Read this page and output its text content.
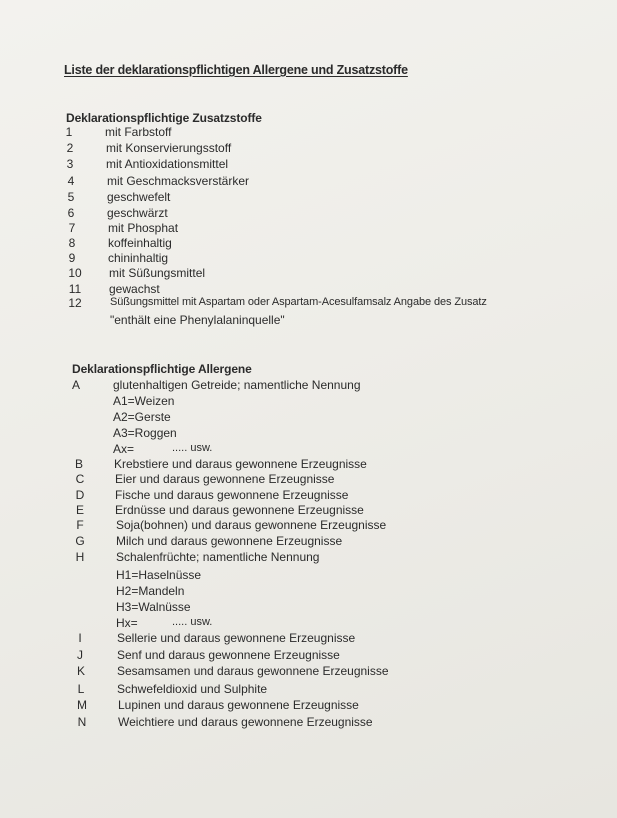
Liste der deklarationspflichtigen Allergene und Zusatzstoffe
Deklarationspflichtige Zusatzstoffe
1	mit Farbstoff
2	mit Konservierungsstoff
3	mit Antioxidationsmittel
4	mit Geschmacksverstärker
5	geschwefelt
6	geschwärzt
7	mit Phosphat
8	koffeinhaltig
9	chininhaltig
10	mit Süßungsmittel
11	gewachst
12	Süßungsmittel mit Aspartam oder Aspartam-Acesulfamsalz Angabe des Zusatz
"enthält eine Phenylalaninquelle"
Deklarationspflichtige Allergene
A	glutenhaltigen Getreide; namentliche Nennung
A1=Weizen
A2=Gerste
A3=Roggen
Ax=	..... usw.
B	Krebstiere und daraus gewonnene Erzeugnisse
C	Eier und daraus gewonnene Erzeugnisse
D	Fische und daraus gewonnene Erzeugnisse
E	Erdnüsse und daraus gewonnene Erzeugnisse
F	Soja(bohnen) und daraus gewonnene Erzeugnisse
G	Milch und daraus gewonnene Erzeugnisse
H	Schalenfrüchte; namentliche Nennung
H1=Haselnüsse
H2=Mandeln
H3=Walnüsse
Hx=	..... usw.
I	Sellerie und daraus gewonnene Erzeugnisse
J	Senf und daraus gewonnene Erzeugnisse
K	Sesamsamen und daraus gewonnene Erzeugnisse
L	Schwefeldioxid und Sulphite
M	Lupinen und daraus gewonnene Erzeugnisse
N	Weichtiere und daraus gewonnene Erzeugnisse
